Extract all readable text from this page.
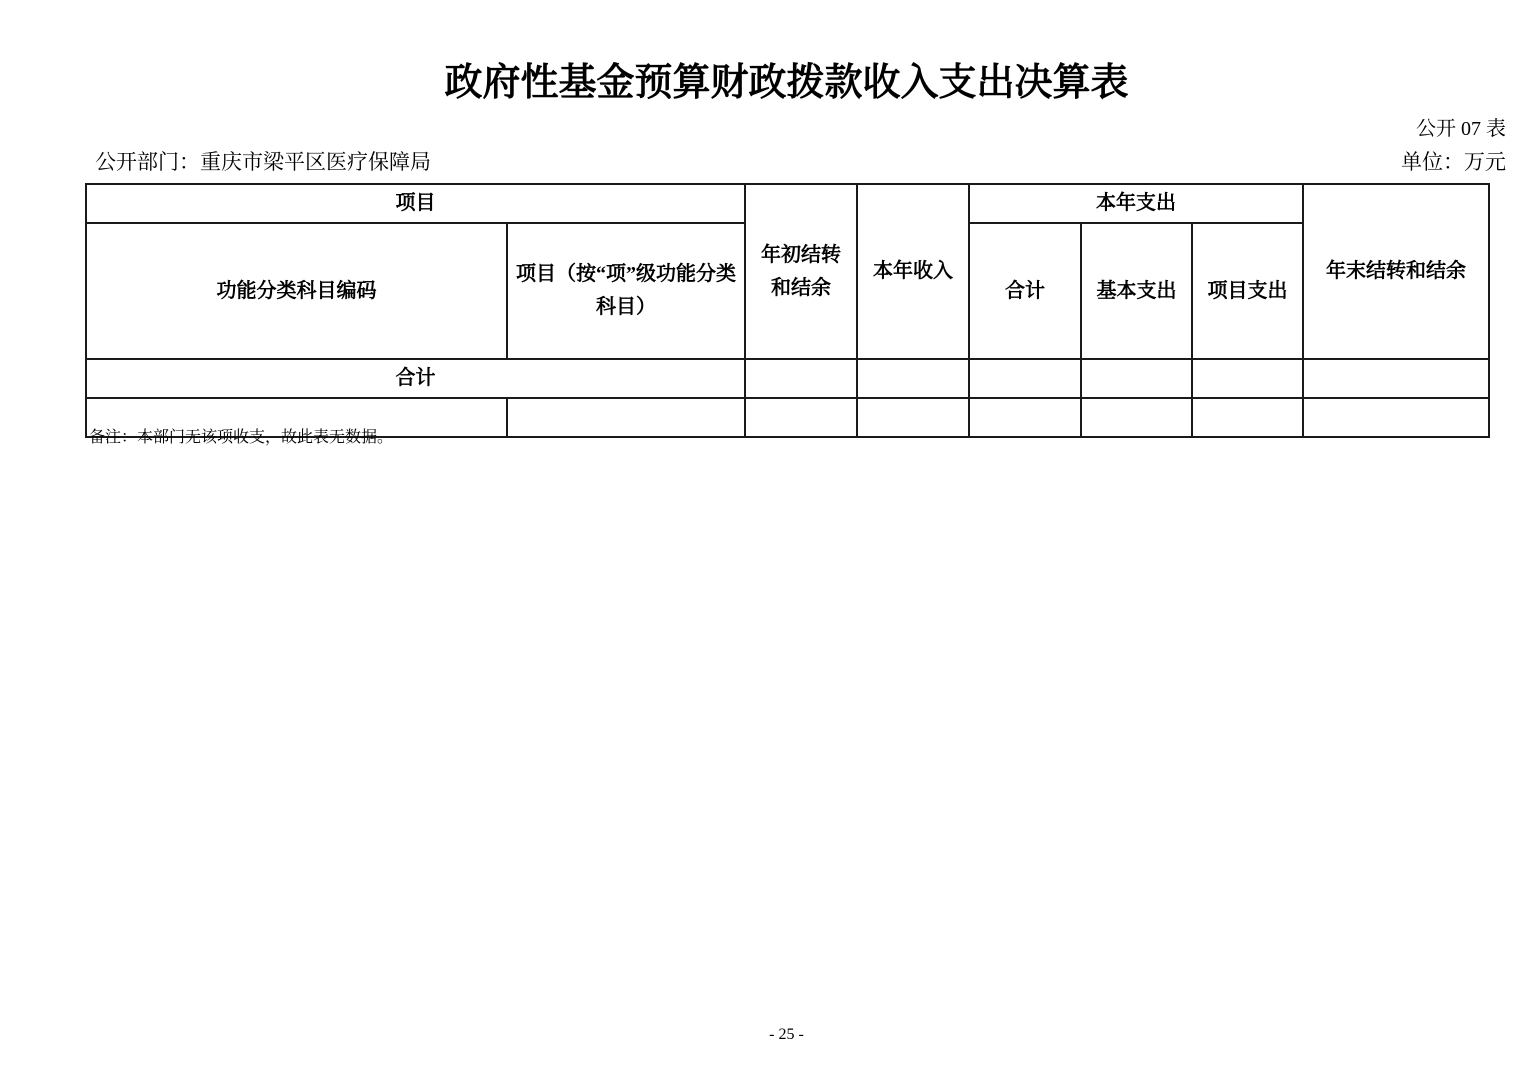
政府性基金预算财政拨款收入支出决算表
公开 07 表
公开部门：重庆市梁平区医疗保障局	单位：万元
项目		年初结转和结余	本年收入	本年支出			年末结转和结余
功能分类科目编码	项目（按“项”级功能分类科目）			合计	基本支出	项目支出	
合计							

备注：本部门无该项收支，故此表无数据。
- 25 -
